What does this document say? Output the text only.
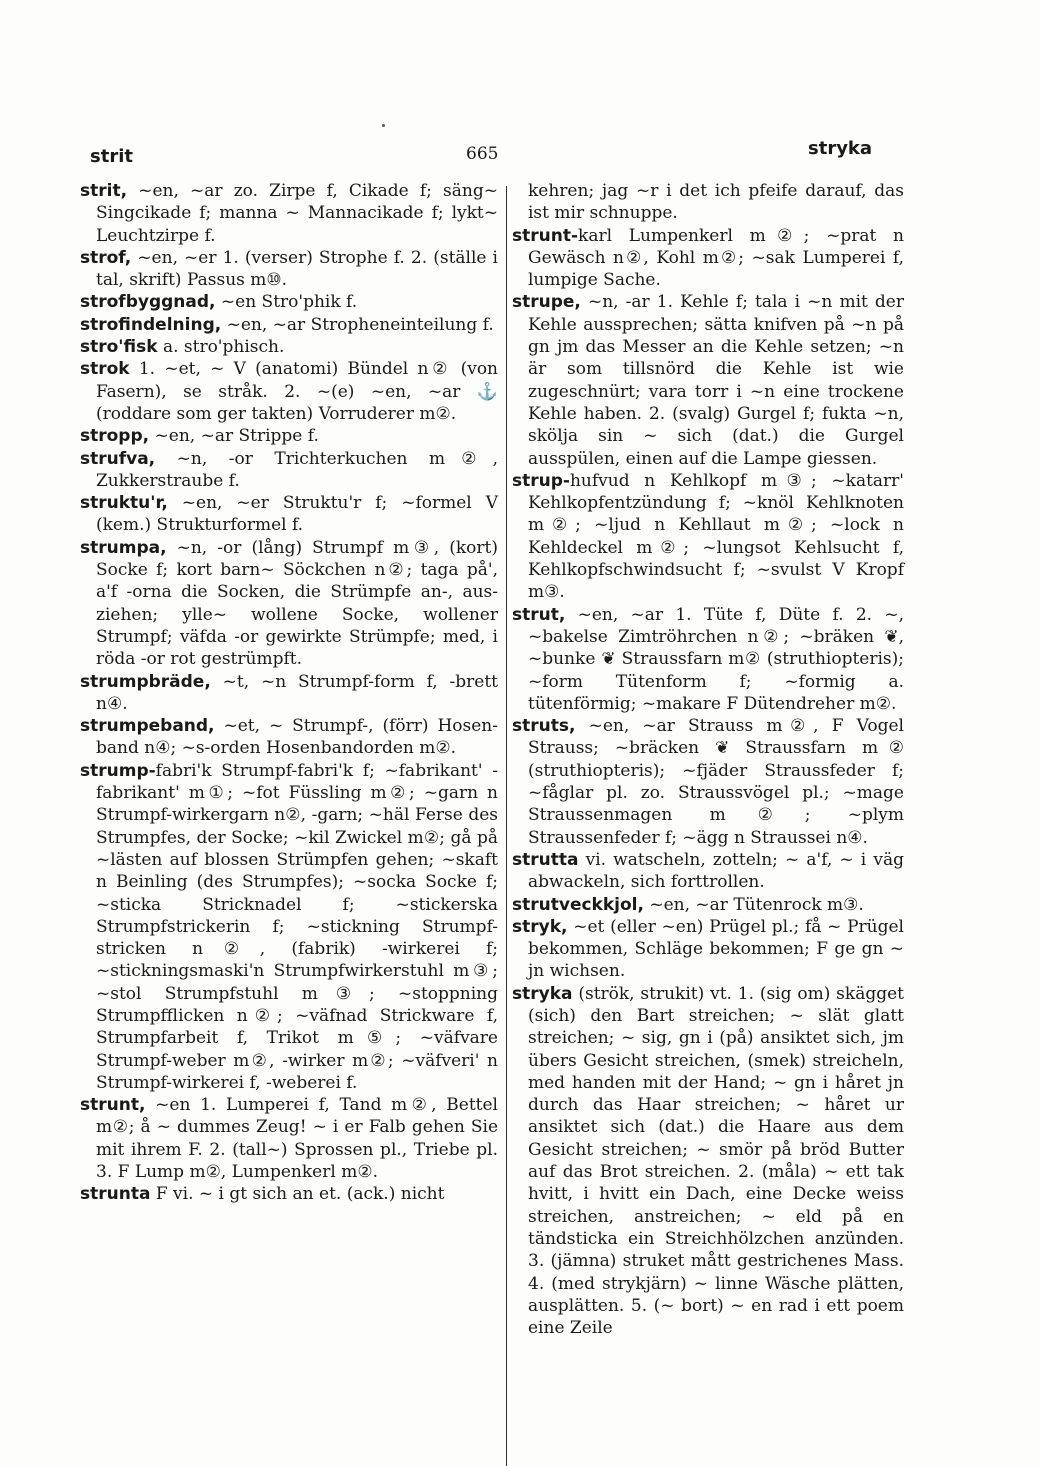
strit	665	stryka

strit, ~en, ~ar zo. Zirpe f, Cikade f; säng~ Singcikade f; manna ~ Mannacikade f; lykt~ Leuchtzirpe f.

strof, ~en, ~er 1. (verser) Strophe f. 2. (ställe i tal, skrift) Passus m⑩.

strofbyggnad, ~en Stro'phik f.

strofindelning, ~en, ~ar Stropheneinteilung f.

stro'fisk a. stro'phisch.

strok 1. ~et, ~ V (anatomi) Bündel n② (von Fasern), se stråk. 2. ~(e) ~en, ~ar ⚓ (roddare som ger takten) Vorruderer m②.

stropp, ~en, ~ar Strippe f.

strufva, ~n, -or Trichterkuchen m②, Zukkerstraube f.

struktu'r, ~en, ~er Struktu'r f; ~formel V (kem.) Strukturformel f.

strumpa, ~n, -or (lång) Strumpf m③, (kort) Socke f; kort barn~ Söckchen n②; taga på', a'f -orna die Socken, die Strümpfe an-, aus-ziehen; ylle~ wollene Socke, wollener Strumpf; väfda -or gewirkte Strümpfe; med, i röda -or rot gestrümpft.

strumpbräde, ~t, ~n Strumpf-form f, -brett n④.

strumpeband, ~et, ~ Strumpf-, (förr) Hosen-band n④; ~s-orden Hosenbandorden m②.

strump-fabri'k Strumpf-fabri'k f; ~fabrikant' -fabrikant' m①; ~fot Füssling m②; ~garn n Strumpf-wirkergarn n②, -garn; ~häl Ferse des Strumpfes, der Socke; ~kil Zwickel m②; gå på ~lästen auf blossen Strümpfen gehen; ~skaft n Beinling (des Strumpfes); ~socka Socke f; ~sticka Stricknadel f; ~stickerska Strumpfstrickerin f; ~stickning Strumpf-stricken n②, (fabrik) -wirkerei f; ~stickningsmaski'n Strumpfwirkerstuhl m③; ~stol Strumpfstuhl m③; ~stoppning Strumpfflicken n②; ~väfnad Strickware f, Strumpfarbeit f, Trikot m⑤; ~väfvare Strumpf-weber m②, -wirker m②; ~väfveri' n Strumpf-wirkerei f, -weberei f.

strunt, ~en 1. Lumperei f, Tand m②, Bettel m②; å ~ dummes Zeug! ~ i er Falb gehen Sie mit ihrem F. 2. (tall~) Sprossen pl., Triebe pl. 3. F Lump m②, Lumpenkerl m②.

strunta F vi. ~ i gt sich an et. (ack.) nicht

kehren; jag ~r i det ich pfeife darauf, das ist mir schnuppe.

strunt-karl Lumpenkerl m②; ~prat n Gewäsch n②, Kohl m②; ~sak Lumperei f, lumpige Sache.

strupe, ~n, -ar 1. Kehle f; tala i ~n mit der Kehle aussprechen; sätta knifven på ~n på gn jm das Messer an die Kehle setzen; ~n är som tillsnörd die Kehle ist wie zugeschnürt; vara torr i ~n eine trockene Kehle haben. 2. (svalg) Gurgel f; fukta ~n, skölja sin ~ sich (dat.) die Gurgel ausspülen, einen auf die Lampe giessen.

strup-hufvud n Kehlkopf m③; ~katarr' Kehlkopfentzündung f; ~knöl Kehlknoten m②; ~ljud n Kehllaut m②; ~lock n Kehldeckel m②; ~lungsot Kehlsucht f, Kehlkopfschwindsucht f; ~svulst V Kropf m③.

strut, ~en, ~ar 1. Tüte f, Düte f. 2. ~, ~bakelse Zimtröhrchen n②; ~bräken ❦, ~bunke ❦ Straussfarn m② (struthiopteris); ~form Tütenform f; ~formig a. tütenförmig; ~makare F Dütendreher m②.

struts, ~en, ~ar Strauss m②, F Vogel Strauss; ~bräcken ❦ Straussfarn m② (struthiopteris); ~fjäder Straussfeder f; ~fåglar pl. zo. Straussvögel pl.; ~mage Straussenmagen m②; ~plym Straussenfeder f; ~ägg n Straussei n④.

strutta vi. watscheln, zotteln; ~ a'f, ~ i väg abwackeln, sich forttrollen.

strutveckkjol, ~en, ~ar Tütenrock m③.

stryk, ~et (eller ~en) Prügel pl.; få ~ Prügel bekommen, Schläge bekommen; F ge gn ~ jn wichsen.

stryka (strök, strukit) vt. 1. (sig om) skägget (sich) den Bart streichen; ~ slät glatt streichen; ~ sig, gn i (på) ansiktet sich, jm übers Gesicht streichen, (smek) streicheln, med handen mit der Hand; ~ gn i håret jn durch das Haar streichen; ~ håret ur ansiktet sich (dat.) die Haare aus dem Gesicht streichen; ~ smör på bröd Butter auf das Brot streichen. 2. (måla) ~ ett tak hvitt, i hvitt ein Dach, eine Decke weiss streichen, anstreichen; ~ eld på en tändsticka ein Streichhölzchen anzünden. 3. (jämna) struket mått gestrichenes Mass. 4. (med strykjärn) ~ linne Wäsche plätten, ausplätten. 5. (~ bort) ~ en rad i ett poem eine Zeile
